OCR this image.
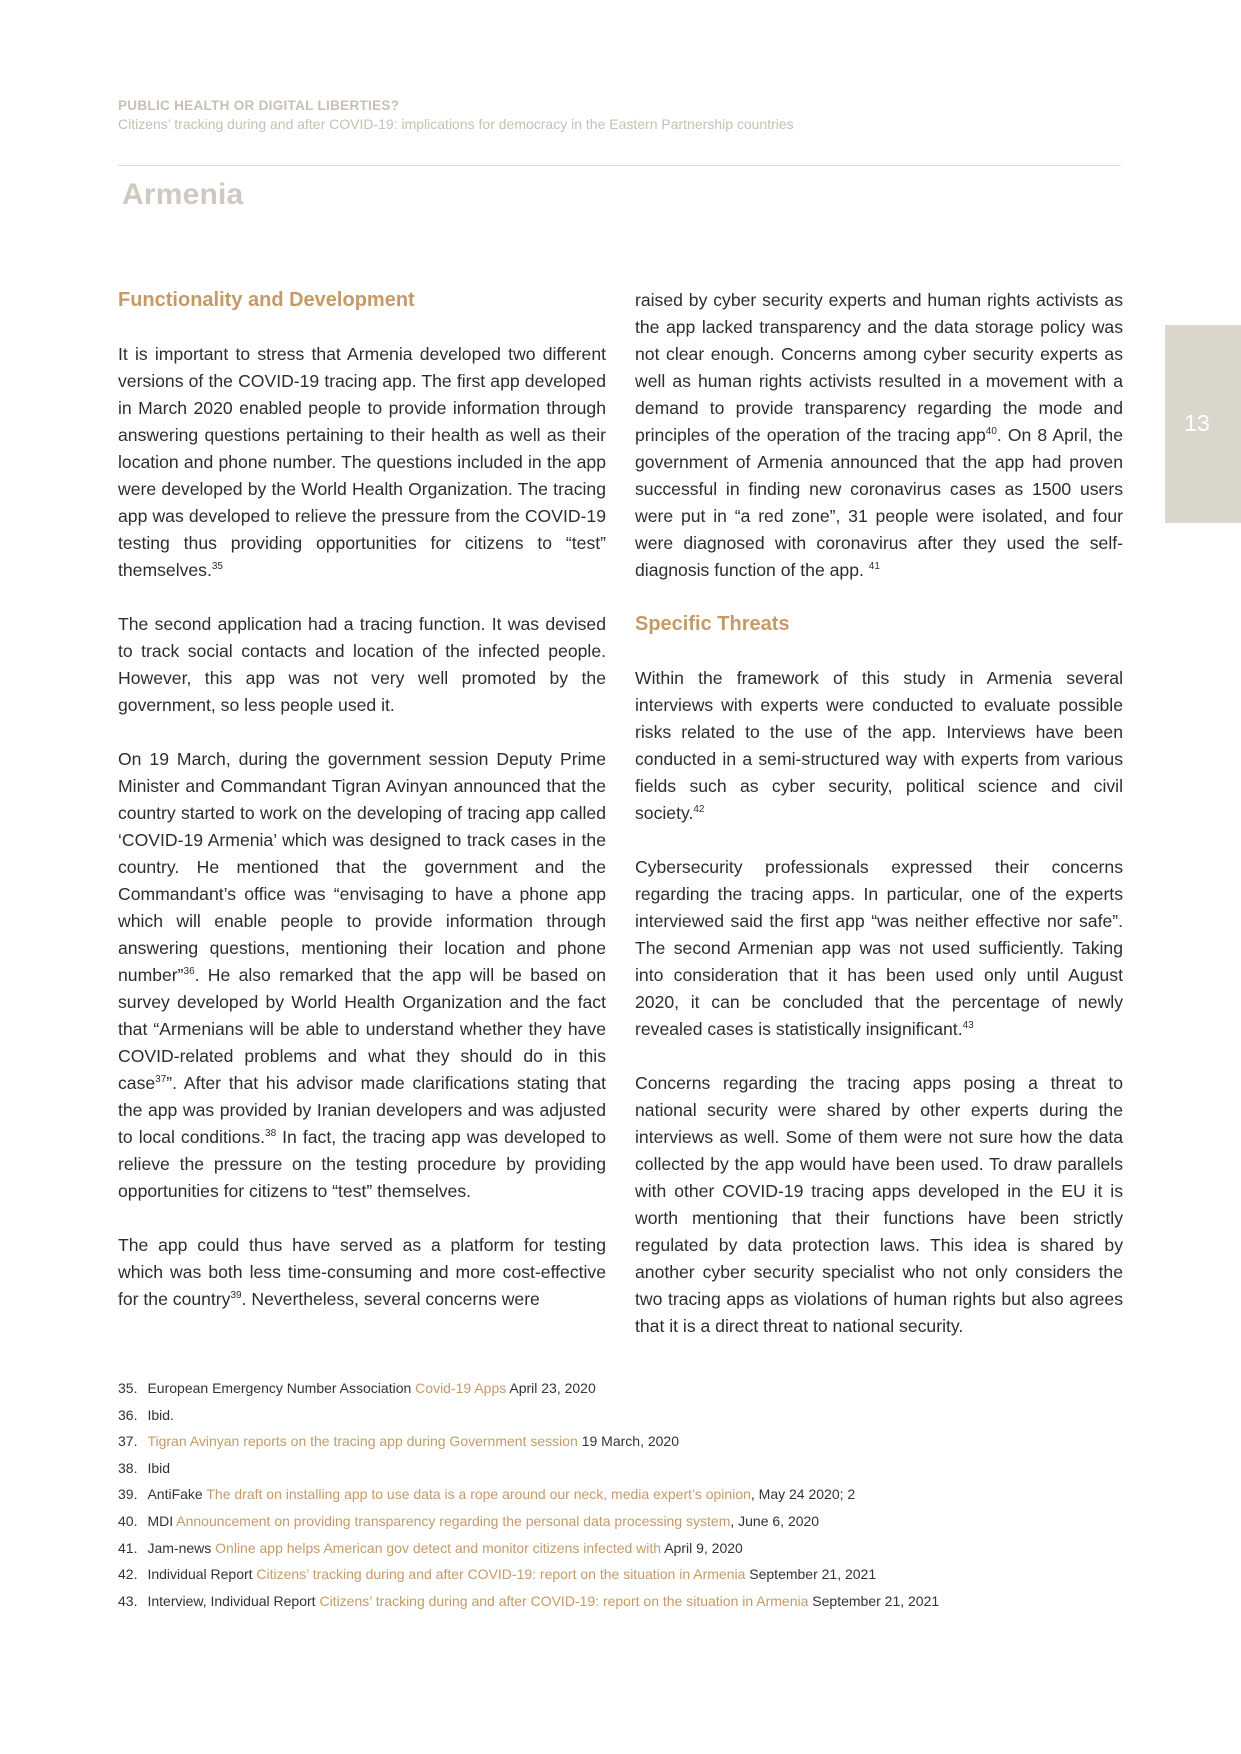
PUBLIC HEALTH OR DIGITAL LIBERTIES?
Citizens’ tracking during and after COVID-19: implications for democracy in the Eastern Partnership countries
Armenia
13
Functionality and Development

It is important to stress that Armenia developed two different versions of the COVID-19 tracing app. The first app developed in March 2020 enabled people to provide information through answering questions pertaining to their health as well as their location and phone number. The questions included in the app were developed by the World Health Organization. The tracing app was developed to relieve the pressure from the COVID-19 testing thus providing opportunities for citizens to “test” themselves.$^{35}$

The second application had a tracing function. It was devised to track social contacts and location of the infected people. However, this app was not very well promoted by the government, so less people used it.

On 19 March, during the government session Deputy Prime Minister and Commandant Tigran Avinyan announced that the country started to work on the developing of tracing app called ‘COVID-19 Armenia’ which was designed to track cases in the country. He mentioned that the government and the Commandant’s office was “envisaging to have a phone app which will enable people to provide information through answering questions, mentioning their location and phone number”$^{36}$. He also remarked that the app will be based on survey developed by World Health Organization and the fact that “Armenians will be able to understand whether they have COVID-related problems and what they should do in this case$^{37}$”. After that his advisor made clarifications stating that the app was provided by Iranian developers and was adjusted to local conditions.$^{38}$ In fact, the tracing app was developed to relieve the pressure on the testing procedure by providing opportunities for citizens to “test” themselves.

The app could thus have served as a platform for testing which was both less time-consuming and more cost-effective for the country$^{39}$. Nevertheless, several concerns were

raised by cyber security experts and human rights activists as the app lacked transparency and the data storage policy was not clear enough. Concerns among cyber security experts as well as human rights activists resulted in a movement with a demand to provide transparency regarding the mode and principles of the operation of the tracing app$^{40}$. On 8 April, the government of Armenia announced that the app had proven successful in finding new coronavirus cases as 1500 users were put in “a red zone”, 31 people were isolated, and four were diagnosed with coronavirus after they used the self-diagnosis function of the app. $^{41}$

Specific Threats

Within the framework of this study in Armenia several interviews with experts were conducted to evaluate possible risks related to the use of the app. Interviews have been conducted in a semi-structured way with experts from various fields such as cyber security, political science and civil society.$^{42}$

Cybersecurity professionals expressed their concerns regarding the tracing apps. In particular, one of the experts interviewed said the first app “was neither effective nor safe”. The second Armenian app was not used sufficiently. Taking into consideration that it has been used only until August 2020, it can be concluded that the percentage of newly revealed cases is statistically insignificant.$^{43}$

Concerns regarding the tracing apps posing a threat to national security were shared by other experts during the interviews as well. Some of them were not sure how the data collected by the app would have been used. To draw parallels with other COVID-19 tracing apps developed in the EU it is worth mentioning that their functions have been strictly regulated by data protection laws. This idea is shared by another cyber security specialist who not only considers the two tracing apps as violations of human rights but also agrees that it is a direct threat to national security.

35. European Emergency Number Association Covid-19 Apps April 23, 2020
36. Ibid.
37. Tigran Avinyan reports on the tracing app during Government session 19 March, 2020
38. Ibid
39. AntiFake The draft on installing app to use data is a rope around our neck, media expert’s opinion, May 24 2020; 2
40. MDI Announcement on providing transparency regarding the personal data processing system, June 6, 2020
41. Jam-news Online app helps American gov detect and monitor citizens infected with April 9, 2020
42. Individual Report Citizens’ tracking during and after COVID-19: report on the situation in Armenia September 21, 2021
43. Interview, Individual Report Citizens’ tracking during and after COVID-19: report on the situation in Armenia September 21, 2021
